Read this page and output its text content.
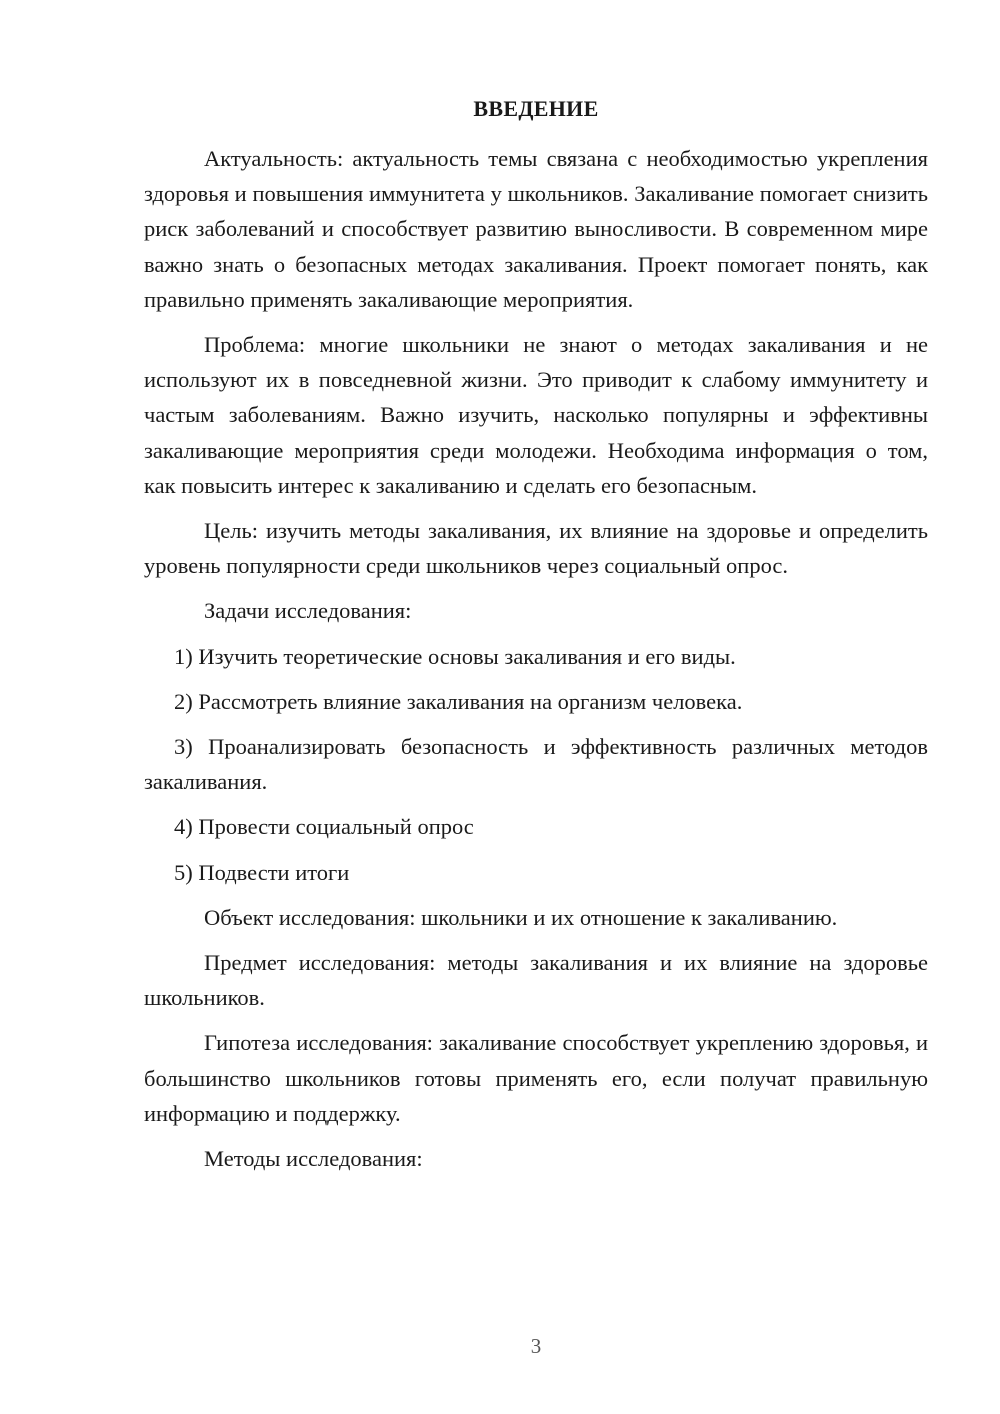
ВВЕДЕНИЕ

Актуальность: актуальность темы связана с необходимостью укрепления здоровья и повышения иммунитета у школьников. Закаливание помогает снизить риск заболеваний и способствует развитию выносливости. В современном мире важно знать о безопасных методах закаливания. Проект помогает понять, как правильно применять закаливающие мероприятия.

Проблема: многие школьники не знают о методах закаливания и не используют их в повседневной жизни. Это приводит к слабому иммунитету и частым заболеваниям. Важно изучить, насколько популярны и эффективны закаливающие мероприятия среди молодежи. Необходима информация о том, как повысить интерес к закаливанию и сделать его безопасным.

Цель: изучить методы закаливания, их влияние на здоровье и определить уровень популярности среди школьников через социальный опрос.

Задачи исследования:

1) Изучить теоретические основы закаливания и его виды.

2) Рассмотреть влияние закаливания на организм человека.

3) Проанализировать безопасность и эффективность различных методов закаливания.

4) Провести социальный опрос

5) Подвести итоги

Объект исследования: школьники и их отношение к закаливанию.

Предмет исследования: методы закаливания и их влияние на здоровье школьников.

Гипотеза исследования: закаливание способствует укреплению здоровья, и большинство школьников готовы применять его, если получат правильную информацию и поддержку.

Методы исследования:

3
